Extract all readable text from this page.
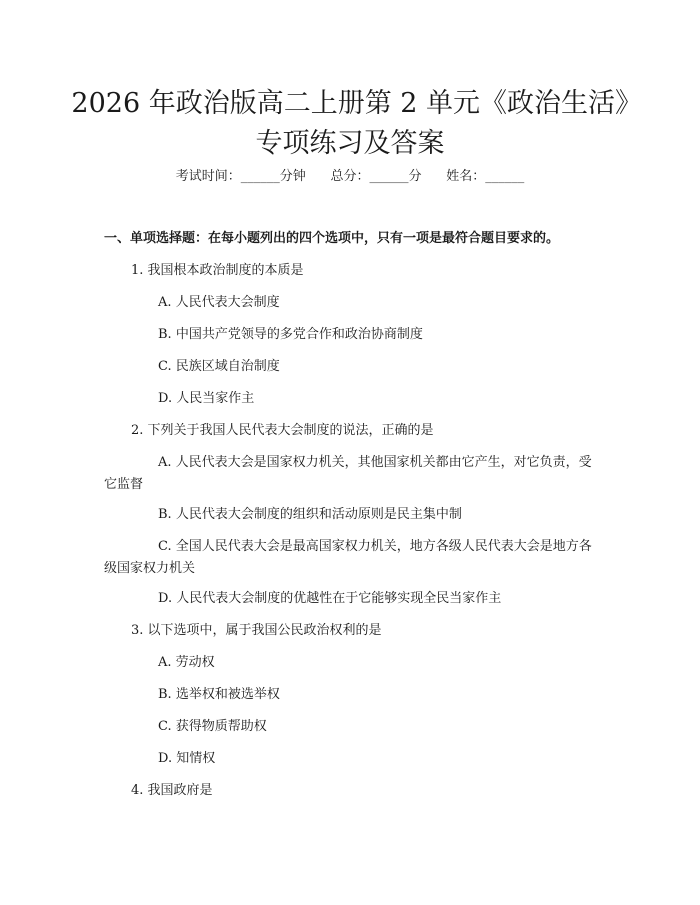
2026 年政治版高二上册第 2 单元《政治生活》专项练习及答案
考试时间：______分钟      总分：______分      姓名：______
一、单项选择题：在每小题列出的四个选项中，只有一项是最符合题目要求的。
1. 我国根本政治制度的本质是
A. 人民代表大会制度
B. 中国共产党领导的多党合作和政治协商制度
C. 民族区域自治制度
D. 人民当家作主
2. 下列关于我国人民代表大会制度的说法，正确的是
A. 人民代表大会是国家权力机关，其他国家机关都由它产生，对它负责，受它监督
B. 人民代表大会制度的组织和活动原则是民主集中制
C. 全国人民代表大会是最高国家权力机关，地方各级人民代表大会是地方各级国家权力机关
D. 人民代表大会制度的优越性在于它能够实现全民当家作主
3. 以下选项中，属于我国公民政治权利的是
A. 劳动权
B. 选举权和被选举权
C. 获得物质帮助权
D. 知情权
4. 我国政府是
